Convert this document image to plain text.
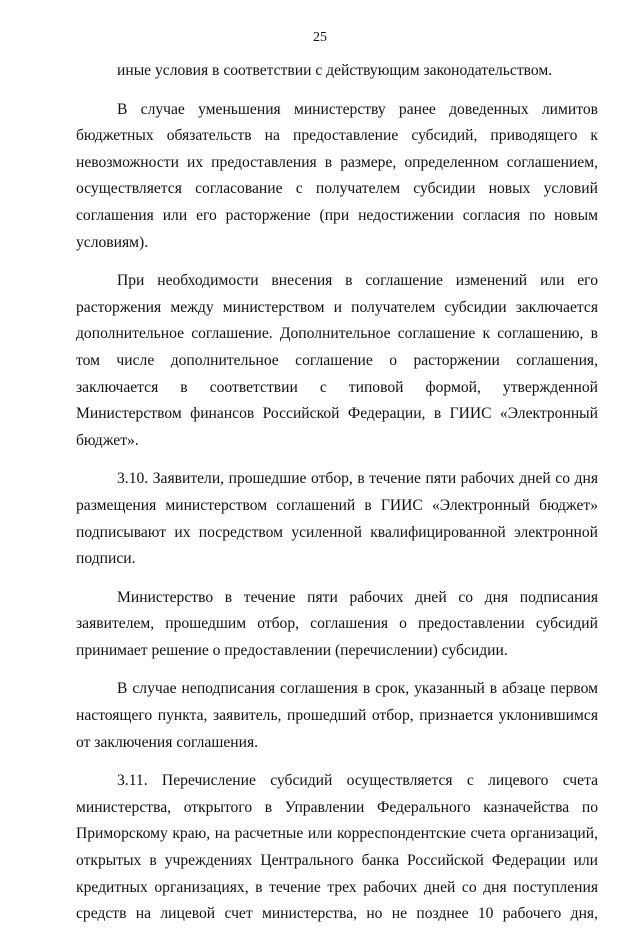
25

иные условия в соответствии с действующим законодательством.

В случае уменьшения министерству ранее доведенных лимитов бюджетных обязательств на предоставление субсидий, приводящего к невозможности их предоставления в размере, определенном соглашением, осуществляется согласование с получателем субсидии новых условий соглашения или его расторжение (при недостижении согласия по новым условиям).

При необходимости внесения в соглашение изменений или его расторжения между министерством и получателем субсидии заключается дополнительное соглашение. Дополнительное соглашение к соглашению, в том числе дополнительное соглашение о расторжении соглашения, заключается в соответствии с типовой формой, утвержденной Министерством финансов Российской Федерации, в ГИИС «Электронный бюджет».

3.10. Заявители, прошедшие отбор, в течение пяти рабочих дней со дня размещения министерством соглашений в ГИИС «Электронный бюджет» подписывают их посредством усиленной квалифицированной электронной подписи.

Министерство в течение пяти рабочих дней со дня подписания заявителем, прошедшим отбор, соглашения о предоставлении субсидий принимает решение о предоставлении (перечислении) субсидии.

В случае неподписания соглашения в срок, указанный в абзаце первом настоящего пункта, заявитель, прошедший отбор, признается уклонившимся от заключения соглашения.

3.11. Перечисление субсидий осуществляется с лицевого счета министерства, открытого в Управлении Федерального казначейства по Приморскому краю, на расчетные или корреспондентские счета организаций, открытых в учреждениях Центрального банка Российской Федерации или кредитных организациях, в течение трех рабочих дней со дня поступления средств на лицевой счет министерства, но не позднее 10 рабочего дня,
